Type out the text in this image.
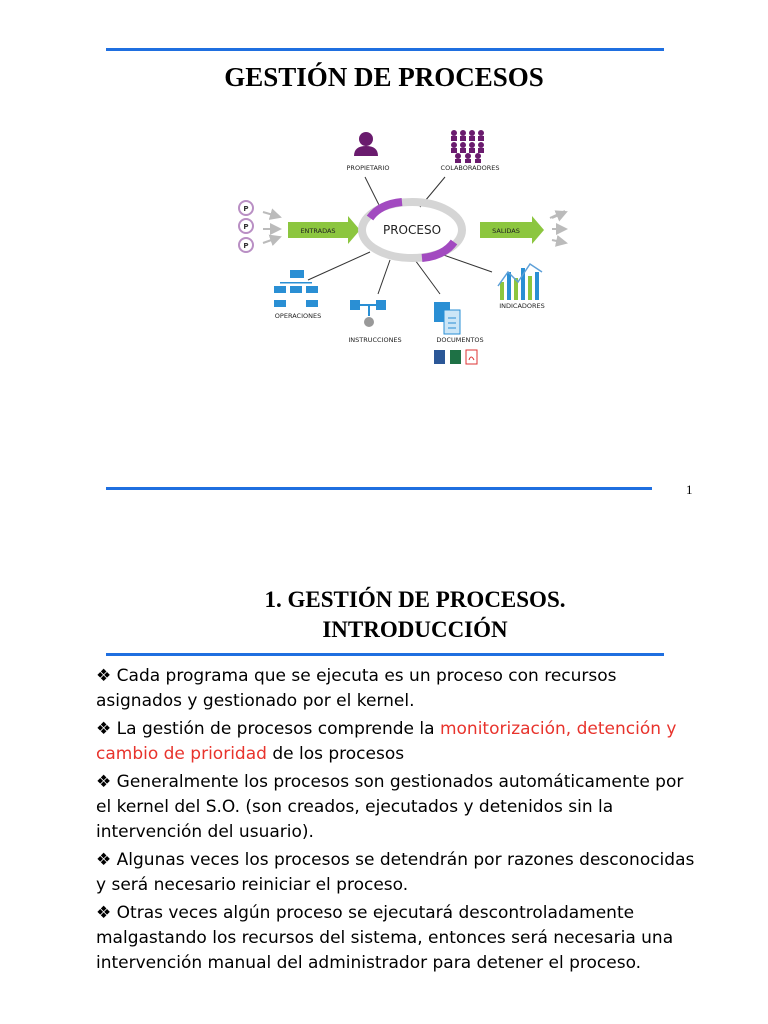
GESTIÓN DE PROCESOS
PROPIETARIO	COLABORADORES
P
P
P
ENTRADAS	PROCESO	SALIDAS
OPERACIONES
INSTRUCCIONES	DOCUMENTOS
INDICADORES
1
1. GESTIÓN DE PROCESOS.
INTRODUCCIÓN
❖ Cada programa que se ejecuta es un proceso con recursos asignados y gestionado por el kernel.
❖ La gestión de procesos comprende la monitorización, detención y cambio de prioridad de los procesos
❖ Generalmente los procesos son gestionados automáticamente por el kernel del S.O. (son creados, ejecutados y detenidos sin la intervención del usuario).
❖ Algunas veces los procesos se detendrán por razones desconocidas y será necesario reiniciar el proceso.
❖ Otras veces algún proceso se ejecutará descontroladamente malgastando los recursos del sistema, entonces será necesaria una intervención manual del administrador para detener el proceso.
